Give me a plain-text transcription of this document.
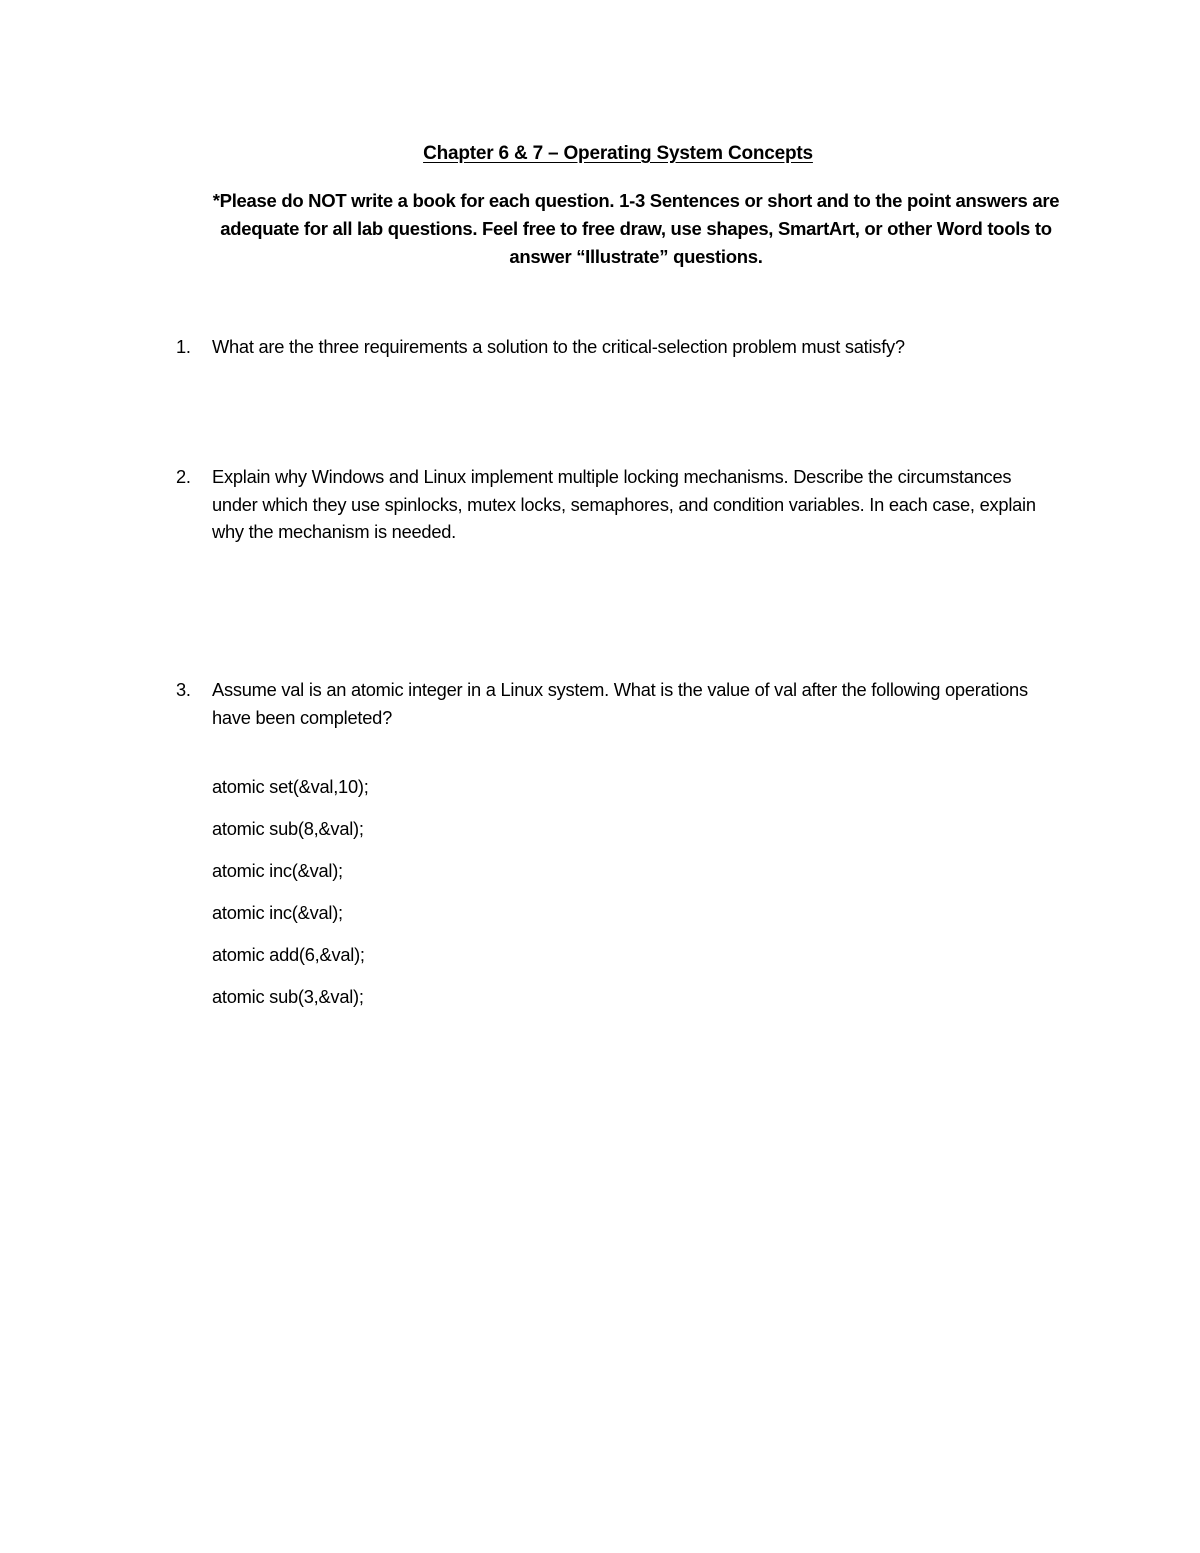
Chapter 6 & 7 – Operating System Concepts
*Please do NOT write a book for each question. 1-3 Sentences or short and to the point answers are adequate for all lab questions. Feel free to free draw, use shapes, SmartArt, or other Word tools to answer “Illustrate” questions.
1.	What are the three requirements a solution to the critical-selection problem must satisfy?
2.	Explain why Windows and Linux implement multiple locking mechanisms. Describe the circumstances under which they use spinlocks, mutex locks, semaphores, and condition variables. In each case, explain why the mechanism is needed.
3.	Assume val is an atomic integer in a Linux system. What is the value of val after the following operations have been completed?
atomic set(&val,10);
atomic sub(8,&val);
atomic inc(&val);
atomic inc(&val);
atomic add(6,&val);
atomic sub(3,&val);
